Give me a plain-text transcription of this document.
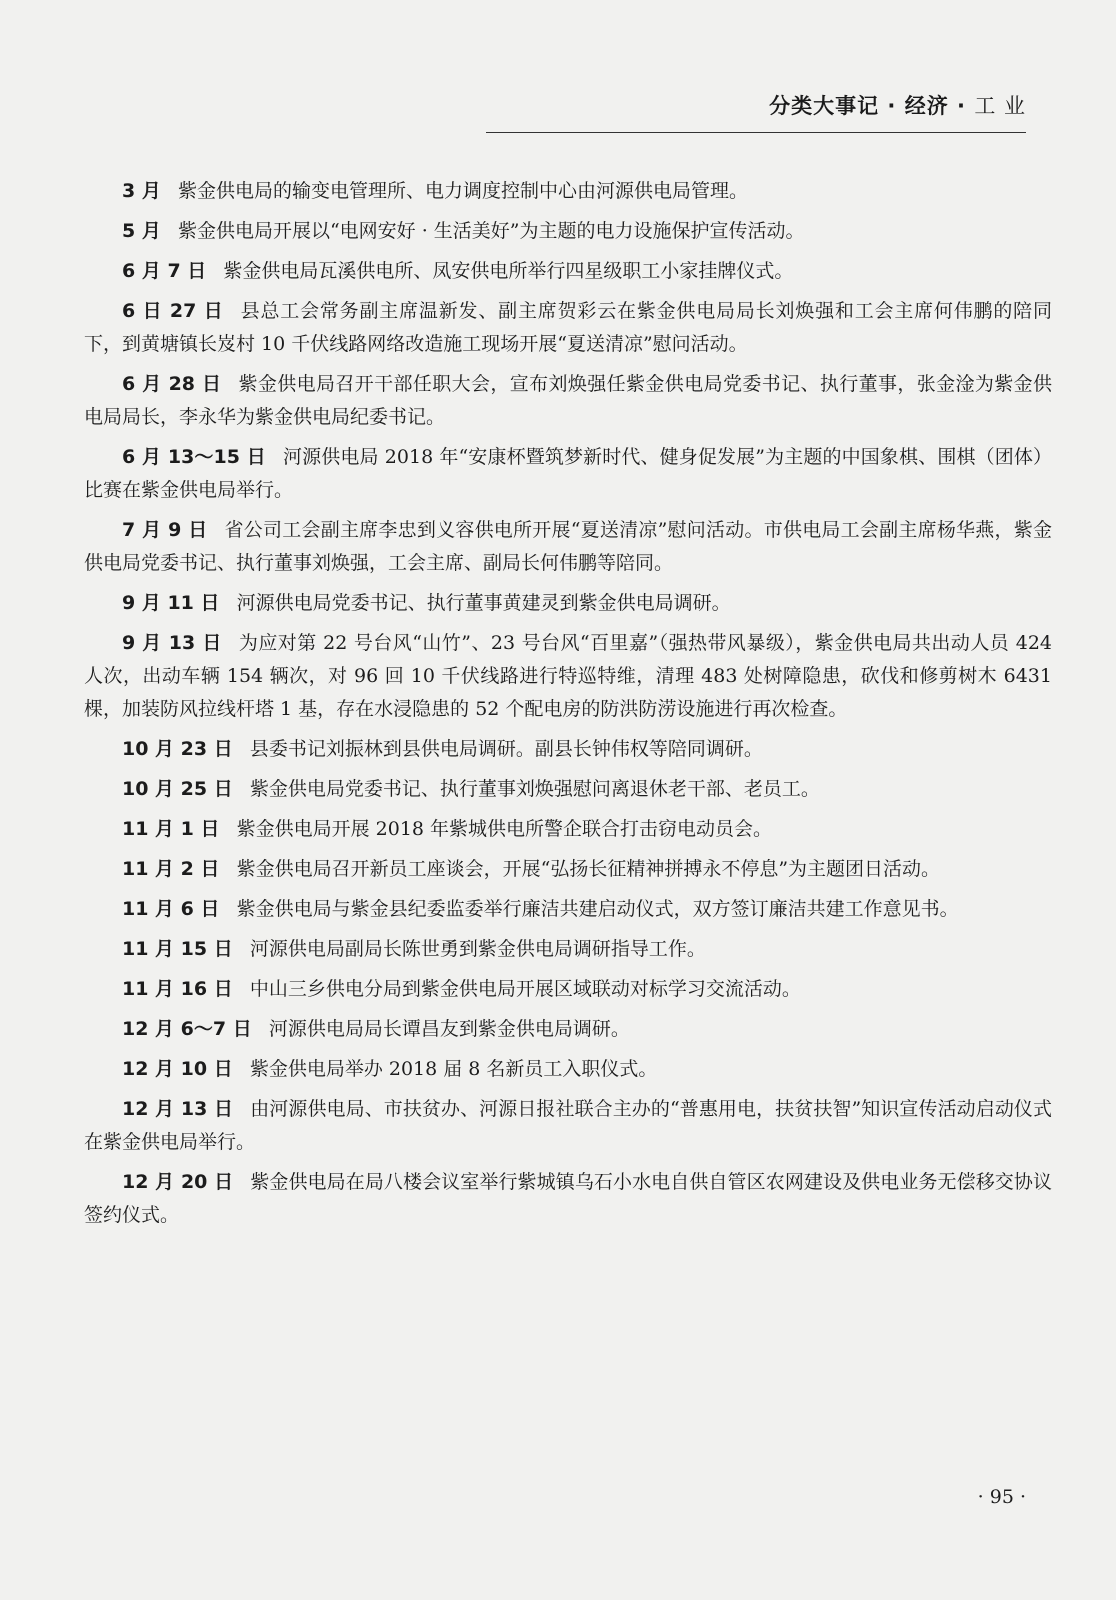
分类大事记 · 经济 · 工 业

3 月 紫金供电局的输变电管理所、电力调度控制中心由河源供电局管理。

5 月 紫金供电局开展以“电网安好 · 生活美好”为主题的电力设施保护宣传活动。

6 月 7 日 紫金供电局瓦溪供电所、凤安供电所举行四星级职工小家挂牌仪式。

6 日 27 日 县总工会常务副主席温新发、副主席贺彩云在紫金供电局局长刘焕强和工会主席何伟鹏的陪同下，到黄塘镇长岌村 10 千伏线路网络改造施工现场开展“夏送清凉”慰问活动。

6 月 28 日 紫金供电局召开干部任职大会，宣布刘焕强任紫金供电局党委书记、执行董事，张金淦为紫金供电局局长，李永华为紫金供电局纪委书记。

6 月 13～15 日 河源供电局 2018 年“安康杯暨筑梦新时代、健身促发展”为主题的中国象棋、围棋（团体）比赛在紫金供电局举行。

7 月 9 日 省公司工会副主席李忠到义容供电所开展“夏送清凉”慰问活动。市供电局工会副主席杨华燕，紫金供电局党委书记、执行董事刘焕强，工会主席、副局长何伟鹏等陪同。

9 月 11 日 河源供电局党委书记、执行董事黄建灵到紫金供电局调研。

9 月 13 日 为应对第 22 号台风“山竹”、23 号台风“百里嘉”（强热带风暴级），紫金供电局共出动人员 424 人次，出动车辆 154 辆次，对 96 回 10 千伏线路进行特巡特维，清理 483 处树障隐患，砍伐和修剪树木 6431 棵，加装防风拉线杆塔 1 基，存在水浸隐患的 52 个配电房的防洪防涝设施进行再次检查。

10 月 23 日 县委书记刘振林到县供电局调研。副县长钟伟权等陪同调研。

10 月 25 日 紫金供电局党委书记、执行董事刘焕强慰问离退休老干部、老员工。

11 月 1 日 紫金供电局开展 2018 年紫城供电所警企联合打击窃电动员会。

11 月 2 日 紫金供电局召开新员工座谈会，开展“弘扬长征精神拼搏永不停息”为主题团日活动。

11 月 6 日 紫金供电局与紫金县纪委监委举行廉洁共建启动仪式，双方签订廉洁共建工作意见书。

11 月 15 日 河源供电局副局长陈世勇到紫金供电局调研指导工作。

11 月 16 日 中山三乡供电分局到紫金供电局开展区域联动对标学习交流活动。

12 月 6～7 日 河源供电局局长谭昌友到紫金供电局调研。

12 月 10 日 紫金供电局举办 2018 届 8 名新员工入职仪式。

12 月 13 日 由河源供电局、市扶贫办、河源日报社联合主办的“普惠用电，扶贫扶智”知识宣传活动启动仪式在紫金供电局举行。

12 月 20 日 紫金供电局在局八楼会议室举行紫城镇乌石小水电自供自管区农网建设及供电业务无偿移交协议签约仪式。

· 95 ·
